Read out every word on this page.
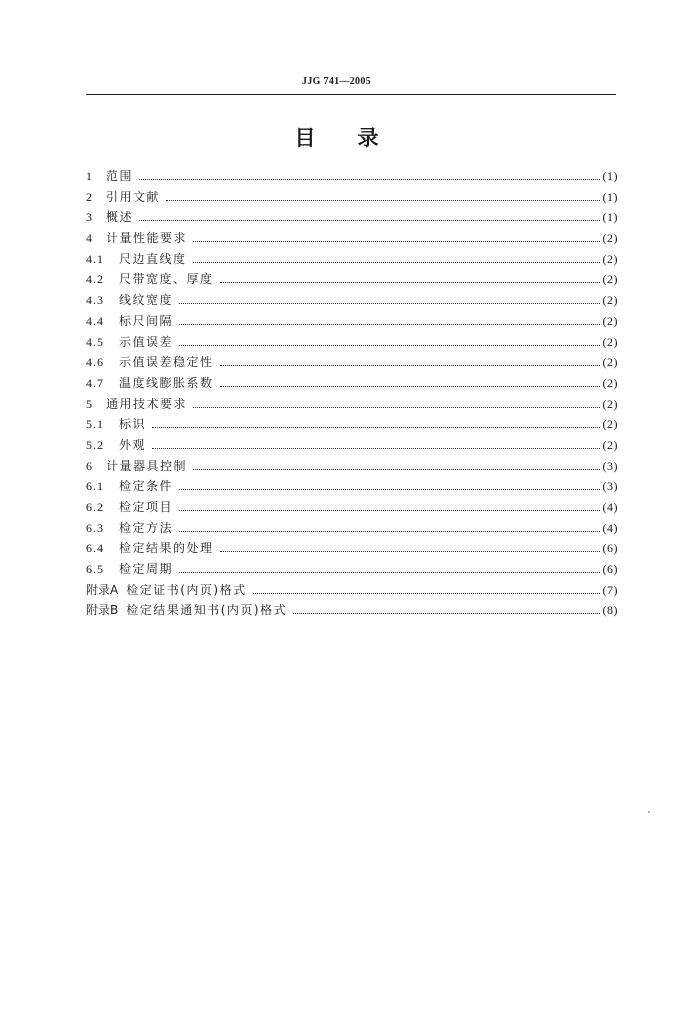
JJG 741—2005
目录
1	范围	(1)
2	引用文献	(1)
3	概述	(1)
4	计量性能要求	(2)
4.1	尺边直线度	(2)
4.2	尺带宽度、厚度	(2)
4.3	线纹宽度	(2)
4.4	标尺间隔	(2)
4.5	示值误差	(2)
4.6	示值误差稳定性	(2)
4.7	温度线膨胀系数	(2)
5	通用技术要求	(2)
5.1	标识	(2)
5.2	外观	(2)
6	计量器具控制	(3)
6.1	检定条件	(3)
6.2	检定项目	(4)
6.3	检定方法	(4)
6.4	检定结果的处理	(6)
6.5	检定周期	(6)
附录A 检定证书(内页)格式	(7)
附录B 检定结果通知书(内页)格式	(8)
